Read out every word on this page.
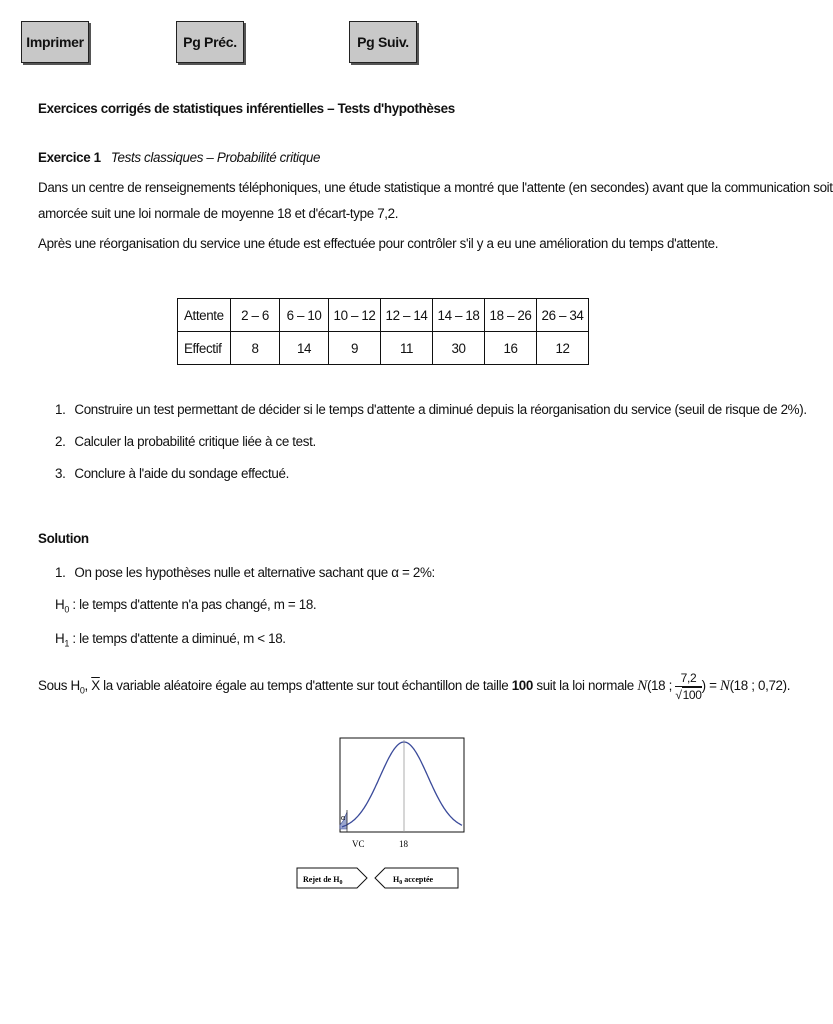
Imprimer	Pg Préc.	Pg Suiv.
Exercices corrigés de statistiques inférentielles – Tests d'hypothèses
Exercice 1 Tests classiques – Probabilité critique
Dans un centre de renseignements téléphoniques, une étude statistique a montré que l'attente (en secondes) avant que la communication soit
amorcée suit une loi normale de moyenne 18 et d'écart-type 7,2.
Après une réorganisation du service une étude est effectuée pour contrôler s'il y a eu une amélioration du temps d'attente.
Attente	2 – 6	6 – 10	10 – 12	12 – 14	14 – 18	18 – 26	26 – 34
Effectif	8	14	9	11	30	16	12
1. Construire un test permettant de décider si le temps d'attente a diminué depuis la réorganisation du service (seuil de risque de 2%).
2. Calculer la probabilité critique liée à ce test.
3. Conclure à l'aide du sondage effectué.
Solution
1. On pose les hypothèses nulle et alternative sachant que α = 2%:
$H_0$ : le temps d'attente n'a pas changé, m = 18.
$H_1$ : le temps d'attente a diminué, m < 18.
Sous $H_0$, $\overline{X}$ la variable aléatoire égale au temps d'attente sur tout échantillon de taille 100 suit la loi normale N(18 ; $\frac{7,2}{√100}$ ) = N(18 ; 0,72).
α
VC	18
Rejet de $H_0$	$H_0$ acceptée
